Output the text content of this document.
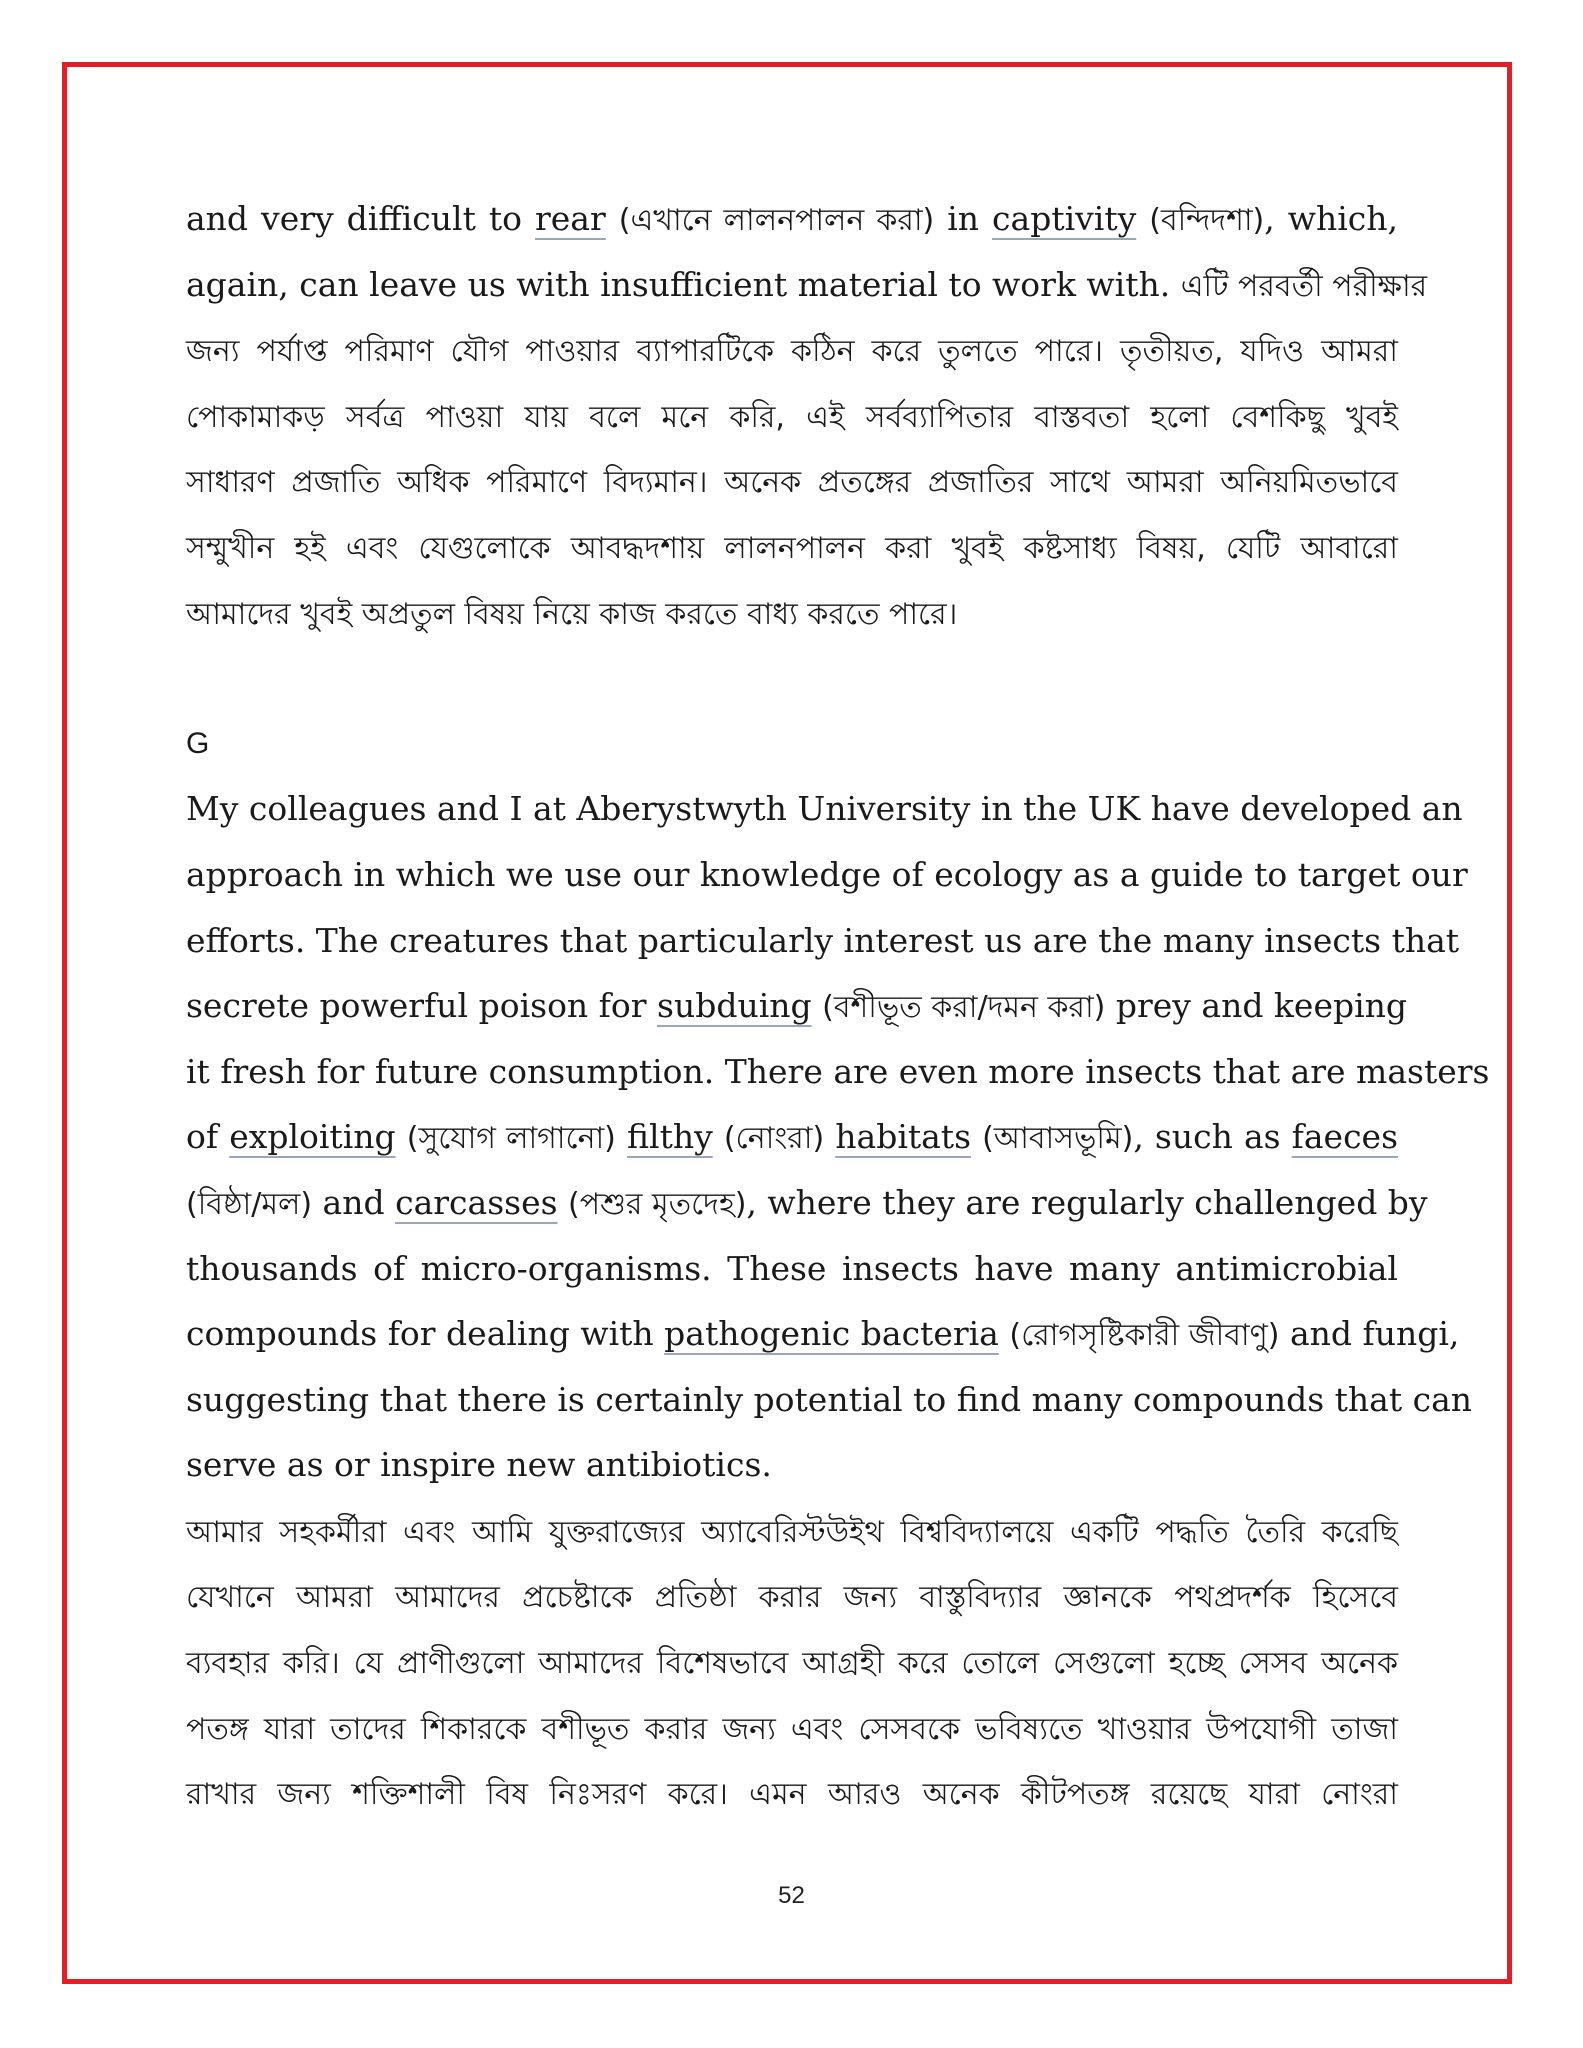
and very difficult to rear (এখানে লালনপালন করা) in captivity (বন্দিদশা), which,
again, can leave us with insufficient material to work with. এটি পরবর্তী পরীক্ষার
জন্য পর্যাপ্ত পরিমাণ যৌগ পাওয়ার ব্যাপারটিকে কঠিন করে তুলতে পারে। তৃতীয়ত, যদিও আমরা
পোকামাকড় সর্বত্র পাওয়া যায় বলে মনে করি, এই সর্বব্যাপিতার বাস্তবতা হলো বেশকিছু খুবই
সাধারণ প্রজাতি অধিক পরিমাণে বিদ্যমান। অনেক প্রতঙ্গের প্রজাতির সাথে আমরা অনিয়মিতভাবে
সম্মুখীন হই এবং যেগুলোকে আবদ্ধদশায় লালনপালন করা খুবই কষ্টসাধ্য বিষয়, যেটি আবারো
আমাদের খুবই অপ্রতুল বিষয় নিয়ে কাজ করতে বাধ্য করতে পারে।
G
My colleagues and I at Aberystwyth University in the UK have developed an
approach in which we use our knowledge of ecology as a guide to target our
efforts. The creatures that particularly interest us are the many insects that
secrete powerful poison for subduing (বশীভূত করা/দমন করা) prey and keeping
it fresh for future consumption. There are even more insects that are masters
of exploiting (সুযোগ লাগানো) filthy (নোংরা) habitats (আবাসভূমি), such as faeces
(বিষ্ঠা/মল) and carcasses (পশুর মৃতদেহ), where they are regularly challenged by
thousands of micro-organisms. These insects have many antimicrobial
compounds for dealing with pathogenic bacteria (রোগসৃষ্টিকারী জীবাণু) and fungi,
suggesting that there is certainly potential to find many compounds that can
serve as or inspire new antibiotics.
আমার সহকর্মীরা এবং আমি যুক্তরাজ্যের অ্যাবেরিস্টউইথ বিশ্ববিদ্যালয়ে একটি পদ্ধতি তৈরি করেছি
যেখানে আমরা আমাদের প্রচেষ্টাকে প্রতিষ্ঠা করার জন্য বাস্তুবিদ্যার জ্ঞানকে পথপ্রদর্শক হিসেবে
ব্যবহার করি। যে প্রাণীগুলো আমাদের বিশেষভাবে আগ্রহী করে তোলে সেগুলো হচ্ছে সেসব অনেক
পতঙ্গ যারা তাদের শিকারকে বশীভূত করার জন্য এবং সেসবকে ভবিষ্যতে খাওয়ার উপযোগী তাজা
রাখার জন্য শক্তিশালী বিষ নিঃসরণ করে। এমন আরও অনেক কীটপতঙ্গ রয়েছে যারা নোংরা
52
